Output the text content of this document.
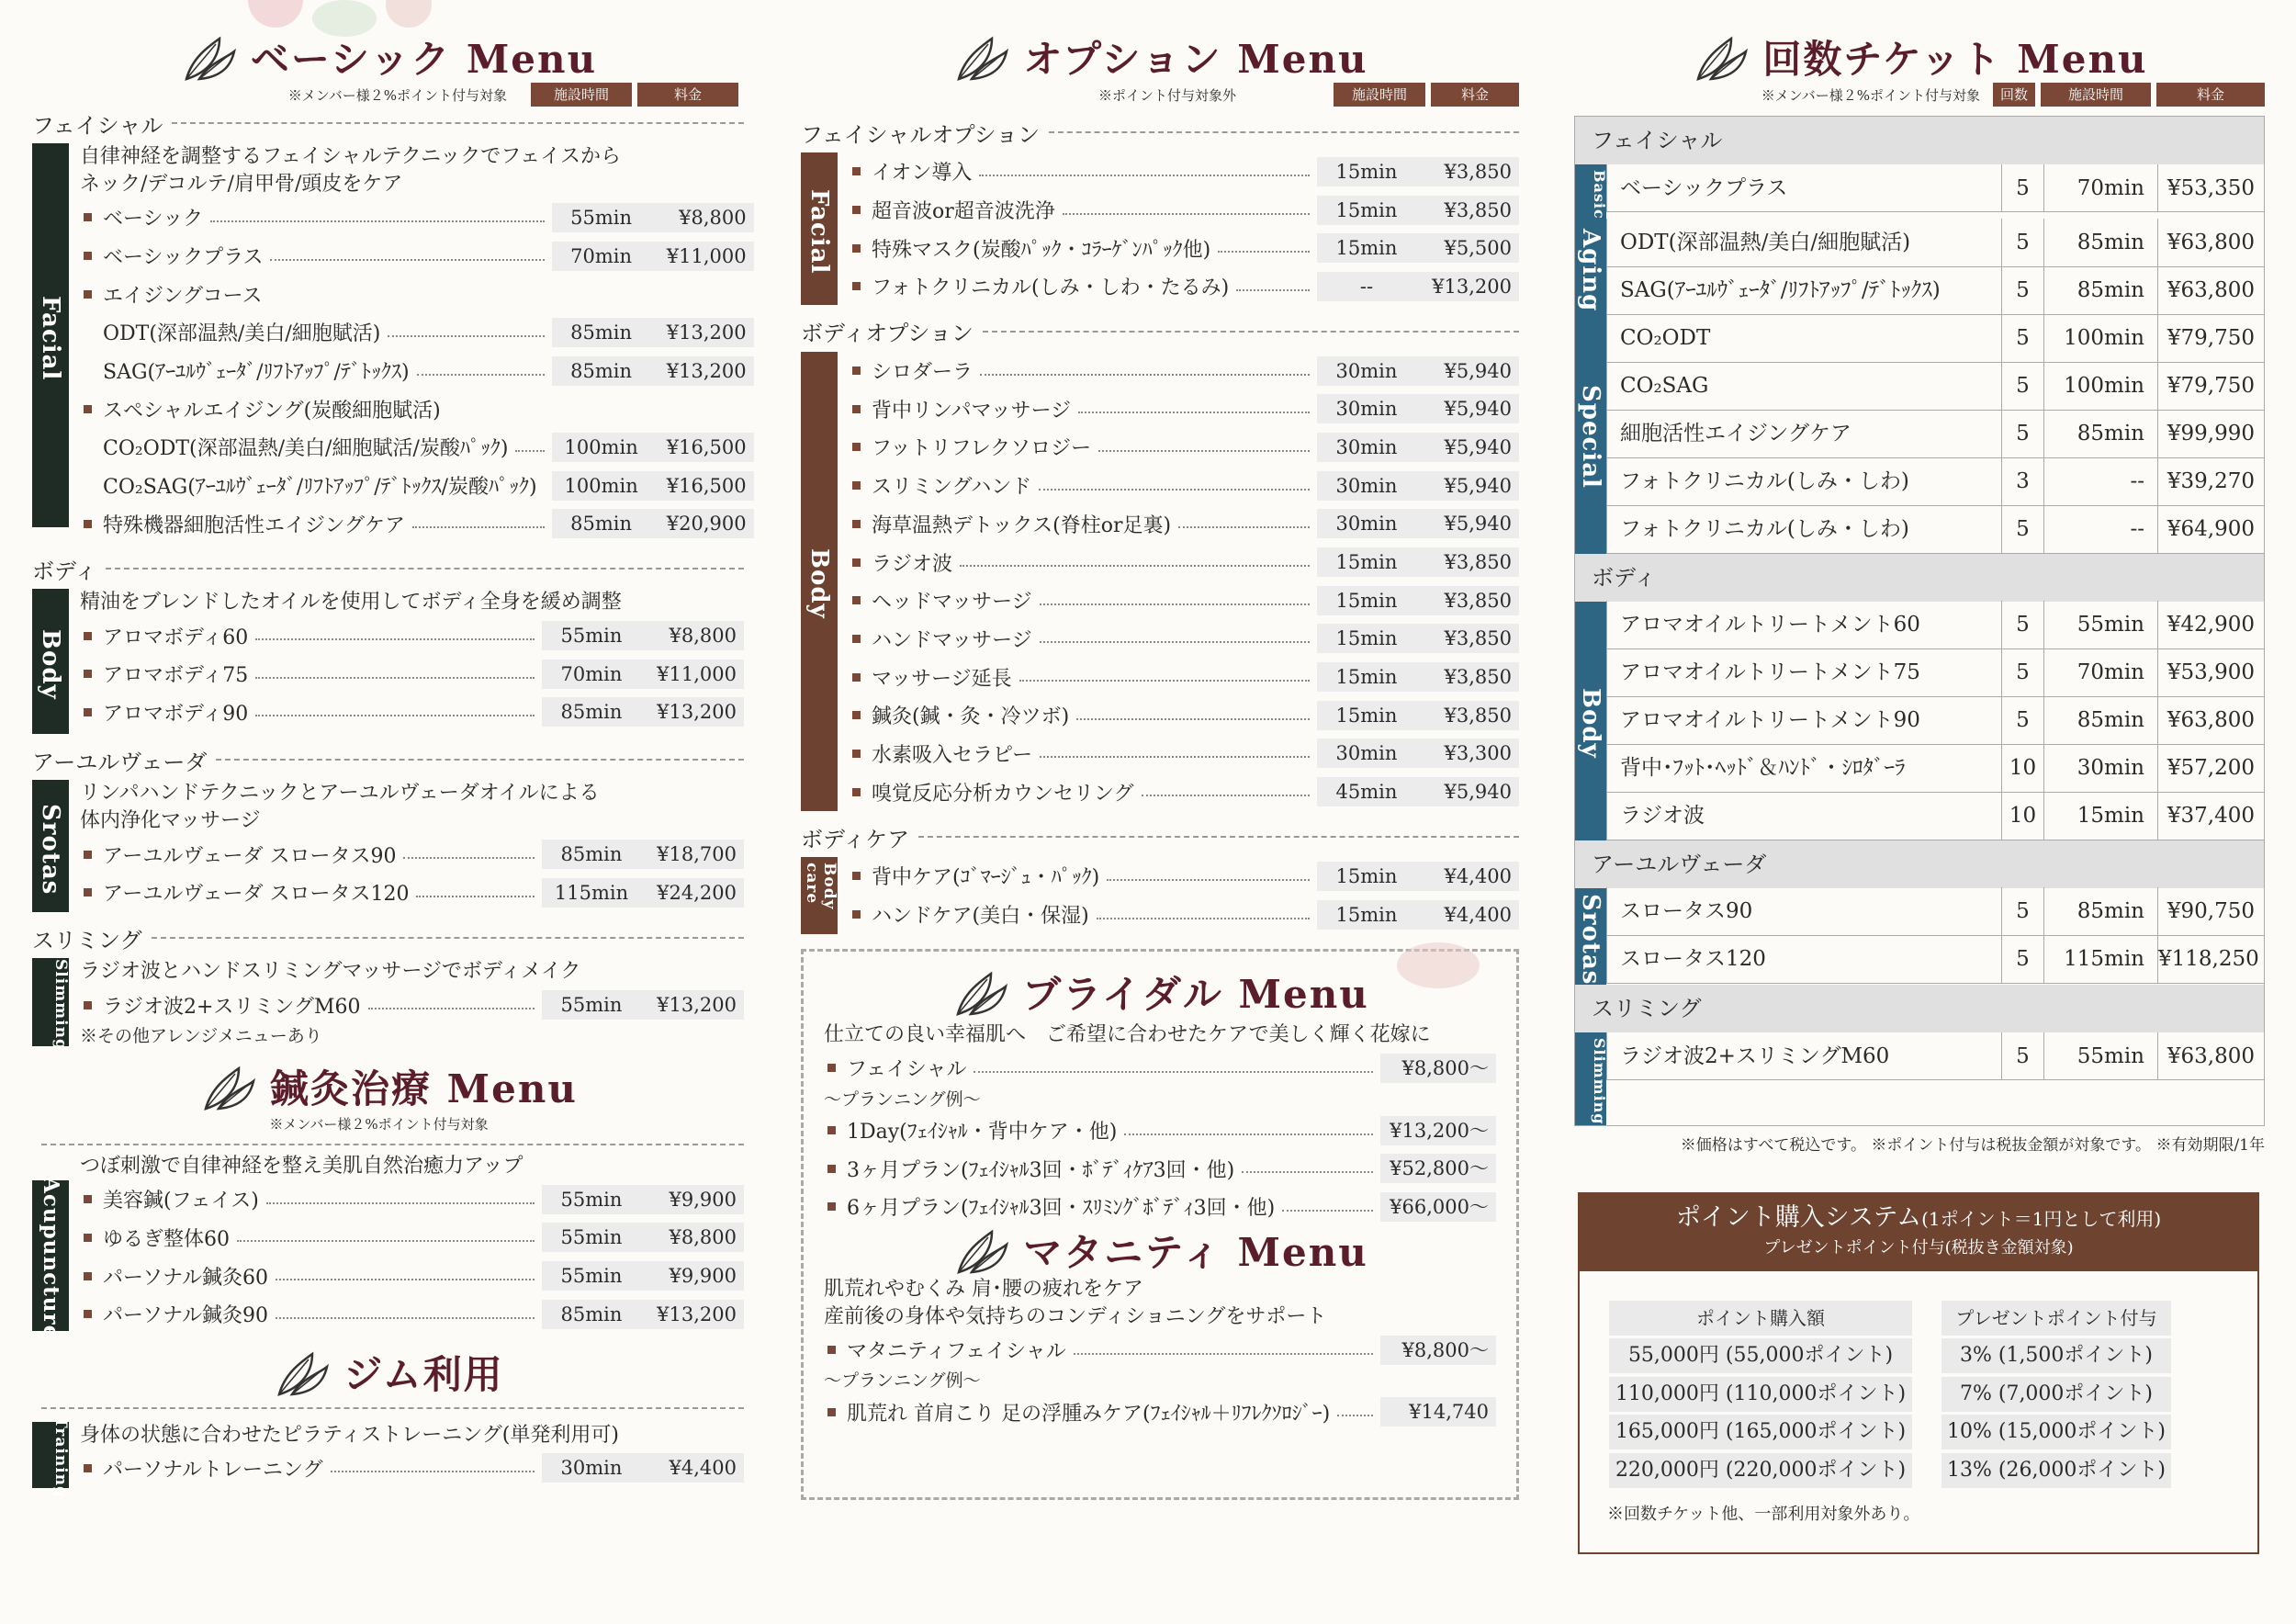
ベーシック Menu
※メンバー様２%ポイント付与対象	施設時間	料金
フェイシャル
Facial
自律神経を調整するフェイシャルテクニックでフェイスから
ネック/デコルテ/肩甲骨/頭皮をケア
ベーシック	55min	¥8,800
ベーシックプラス	70min	¥11,000
エイジングコース
ODT(深部温熱/美白/細胞賦活)	85min	¥13,200
SAG(ｱｰﾕﾙｳﾞｪｰﾀﾞ/ﾘﾌﾄｱｯﾌﾟ/ﾃﾞﾄｯｸｽ)	85min	¥13,200
スペシャルエイジング(炭酸細胞賦活)
CO₂ODT(深部温熱/美白/細胞賦活/炭酸ﾊﾟｯｸ)	100min	¥16,500
CO₂SAG(ｱｰﾕﾙｳﾞｪｰﾀﾞ/ﾘﾌﾄｱｯﾌﾟ/ﾃﾞﾄｯｸｽ/炭酸ﾊﾟｯｸ)	100min	¥16,500
特殊機器細胞活性エイジングケア	85min	¥20,900
ボディ
Body
精油をブレンドしたオイルを使用してボディ全身を緩め調整
アロマボディ60	55min	¥8,800
アロマボディ75	70min	¥11,000
アロマボディ90	85min	¥13,200
アーユルヴェーダ
Srotas
リンパハンドテクニックとアーユルヴェーダオイルによる
体内浄化マッサージ
アーユルヴェーダ スロータス90	85min	¥18,700
アーユルヴェーダ スロータス120	115min	¥24,200
スリミング
Slimming ラジオ波とハンドスリミングマッサージでボディメイク
ラジオ波2+スリミングM60	55min	¥13,200
※その他アレンジメニューあり
鍼灸治療 Menu
※メンバー様２%ポイント付与対象
Acupuncture
つぼ刺激で自律神経を整え美肌自然治癒力アップ
美容鍼(フェイス)	55min	¥9,900
ゆるぎ整体60	55min	¥8,800
パーソナル鍼灸60	55min	¥9,900
パーソナル鍼灸90	85min	¥13,200
ジム利用
Training 身体の状態に合わせたピラティストレーニング(単発利用可)
パーソナルトレーニング	30min	¥4,400
オプション Menu
※ポイント付与対象外	施設時間	料金
フェイシャルオプション
Facial
イオン導入	15min	¥3,850
超音波or超音波洗浄	15min	¥3,850
特殊マスク(炭酸ﾊﾟｯｸ・ｺﾗｰｹﾞﾝﾊﾟｯｸ他)	15min	¥5,500
フォトクリニカル(しみ・しわ・たるみ)	--	¥13,200
ボディオプション
Body
シロダーラ	30min	¥5,940
背中リンパマッサージ	30min	¥5,940
フットリフレクソロジー	30min	¥5,940
スリミングハンド	30min	¥5,940
海草温熱デトックス(脊柱or足裏)	30min	¥5,940
ラジオ波	15min	¥3,850
ヘッドマッサージ	15min	¥3,850
ハンドマッサージ	15min	¥3,850
マッサージ延長	15min	¥3,850
鍼灸(鍼・灸・冷ツボ)	15min	¥3,850
水素吸入セラピー	30min	¥3,300
嗅覚反応分析カウンセリング	45min	¥5,940
ボディケア
Body care	背中ケア(ｺﾞﾏｰｼﾞｭ・ﾊﾟｯｸ)	15min	¥4,400
ハンドケア(美白・保湿)	15min	¥4,400
ブライダル Menu
仕立ての良い幸福肌へ　ご希望に合わせたケアで美しく輝く花嫁に
フェイシャル	¥8,800～
～プランニング例～
1Day(ﾌｪｲｼｬﾙ・背中ケア・他)	¥13,200～
3ヶ月プラン(ﾌｪｲｼｬﾙ3回・ﾎﾞﾃﾞｨｹｱ3回・他)	¥52,800～
6ヶ月プラン(ﾌｪｲｼｬﾙ3回・ｽﾘﾐﾝｸﾞﾎﾞﾃﾞｨ3回・他)	¥66,000～
マタニティ Menu
肌荒れやむくみ 肩･腰の疲れをケア
産前後の身体や気持ちのコンディショニングをサポート
マタニティフェイシャル	¥8,800～
～プランニング例～
肌荒れ 首肩こり 足の浮腫みケア(ﾌｪｲｼｬﾙ＋ﾘﾌﾚｸｿﾛｼﾞｰ)	¥14,740
回数チケット Menu
※メンバー様２%ポイント付与対象	回数	施設時間	料金
フェイシャル
Basic ベーシックプラス	5	70min	¥53,350
Aging ODT(深部温熱/美白/細胞賦活)	5	85min	¥63,800
SAG(ｱｰﾕﾙｳﾞｪｰﾀﾞ/ﾘﾌﾄｱｯﾌﾟ/ﾃﾞﾄｯｸｽ)	5	85min	¥63,800
Special
CO₂ODT	5	100min	¥79,750
CO₂SAG	5	100min	¥79,750
細胞活性エイジングケア	5	85min	¥99,990
フォトクリニカル(しみ・しわ)	3	--	¥39,270
フォトクリニカル(しみ・しわ)	5	--	¥64,900
ボディ
Body
アロマオイルトリートメント60	5	55min	¥42,900
アロマオイルトリートメント75	5	70min	¥53,900
アロマオイルトリートメント90	5	85min	¥63,800
背中･ﾌｯﾄ･ﾍｯﾄﾞ＆ﾊﾝﾄﾞ・ｼﾛﾀﾞｰﾗ	10	30min	¥57,200
ラジオ波	10	15min	¥37,400
アーユルヴェーダ
Srotas スロータス90	5	85min	¥90,750
スロータス120	5	115min ¥118,250
スリミング
Slimming ラジオ波2+スリミングM60	5	55min	¥63,800
※価格はすべて税込です。 ※ポイント付与は税抜金額が対象です。 ※有効期限/1年
ポイント購入システム(1ポイント＝1円として利用)
プレゼントポイント付与(税抜き金額対象)
ポイント購入額	プレゼントポイント付与
55,000円 (55,000ポイント)	3% (1,500ポイント)
110,000円 (110,000ポイント)	7% (7,000ポイント)
165,000円 (165,000ポイント)	10% (15,000ポイント)
220,000円 (220,000ポイント)	13% (26,000ポイント)
※回数チケット他、一部利用対象外あり。
